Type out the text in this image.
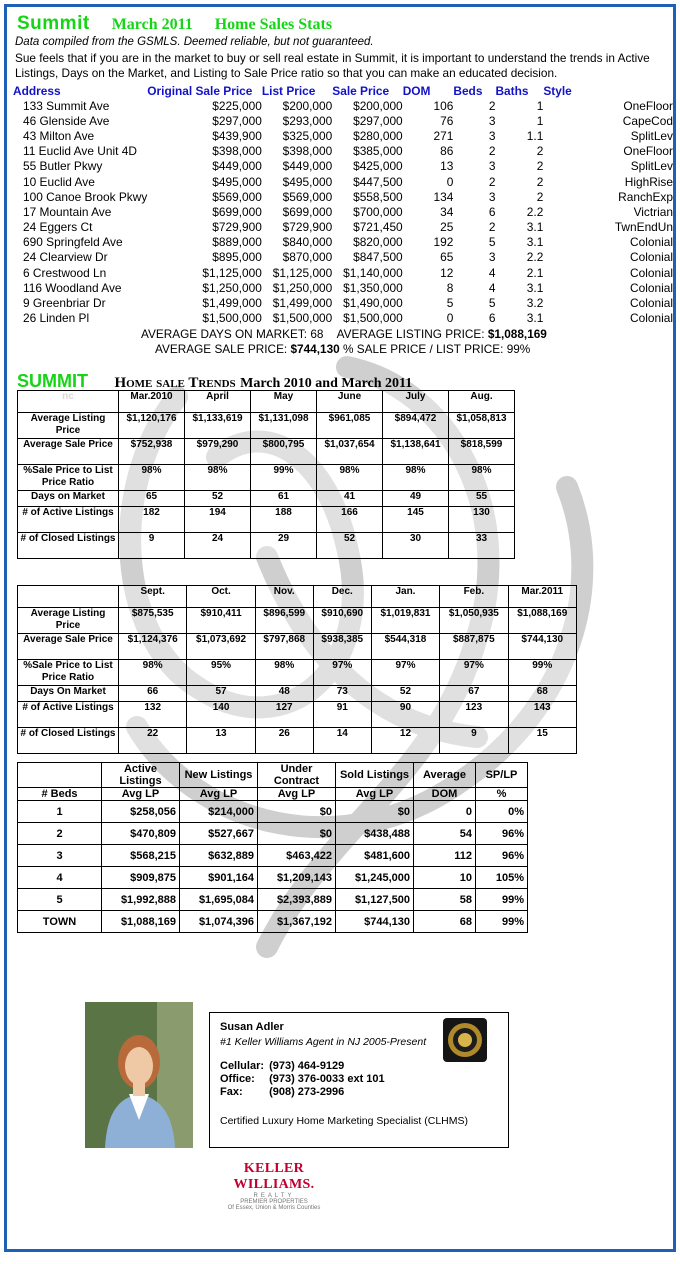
Summit March 2011 Home Sales Stats
Data compiled from the GSMLS. Deemed reliable, but not guaranteed.
Sue feels that if you are in the market to buy or sell real estate in Summit, it is important to understand the trends in Active Listings, Days on the Market, and Listing to Sale Price ratio so that you can make an educated decision.
Address	Original Sale Price	List Price	Sale Price	DOM	Beds	Baths	Style
133 Summit Ave	$225,000	$200,000	$200,000	106	2	1	OneFloor
46 Glenside Ave	$297,000	$293,000	$297,000	76	3	1	CapeCod
43 Milton Ave	$439,900	$325,000	$280,000	271	3	1.1	SplitLev
11 Euclid Ave Unit 4D	$398,000	$398,000	$385,000	86	2	2	OneFloor
55 Butler Pkwy	$449,000	$449,000	$425,000	13	3	2	SplitLev
10 Euclid Ave	$495,000	$495,000	$447,500	0	2	2	HighRise
100 Canoe Brook Pkwy	$569,000	$569,000	$558,500	134	3	2	RanchExp
17 Mountain Ave	$699,000	$699,000	$700,000	34	6	2.2	Victrian
24 Eggers Ct	$729,900	$729,900	$721,450	25	2	3.1	TwnEndUn
690 Springfeld Ave	$889,000	$840,000	$820,000	192	5	3.1	Colonial
24 Clearview Dr	$895,000	$870,000	$847,500	65	3	2.2	Colonial
6 Crestwood Ln	$1,125,000	$1,125,000	$1,140,000	12	4	2.1	Colonial
116 Woodland Ave	$1,250,000	$1,250,000	$1,350,000	8	4	3.1	Colonial
9 Greenbriar Dr	$1,499,000	$1,499,000	$1,490,000	5	5	3.2	Colonial
26 Linden Pl	$1,500,000	$1,500,000	$1,500,000	0	6	3.1	Colonial
AVERAGE DAYS ON MARKET: 68 AVERAGE LISTING PRICE: $1,088,169
AVERAGE SALE PRICE: $744,130 % SALE PRICE / LIST PRICE: 99%
SUMMIT Home sale Trends March 2010 and March 2011
nc	Mar.2010	April	May	June	July	Aug.
Average Listing Price	$1,120,176	$1,133,619	$1,131,098	$961,085	$894,472	$1,058,813
Average Sale Price	$752,938	$979,290	$800,795	$1,037,654	$1,138,641	$818,599
%Sale Price to List Price Ratio	98%	98%	99%	98%	98%	98%
Days on Market	65	52	61	41	49	55
# of Active Listings	182	194	188	166	145	130
# of Closed Listings	9	24	29	52	30	33
	Sept.	Oct.	Nov.	Dec.	Jan.	Feb.	Mar.2011
Average Listing Price	$875,535	$910,411	$896,599	$910,690	$1,019,831	$1,050,935	$1,088,169
Average Sale Price	$1,124,376	$1,073,692	$797,868	$938,385	$544,318	$887,875	$744,130
%Sale Price to List Price Ratio	98%	95%	98%	97%	97%	97%	99%
Days On Market	66	57	48	73	52	67	68
# of Active Listings	132	140	127	91	90	123	143
# of Closed Listings	22	13	26	14	12	9	15
	Active Listings	New Listings	Under Contract	Sold Listings	Average	SP/LP
# Beds	Avg LP	Avg LP	Avg LP	Avg LP	DOM	%
1	$258,056	$214,000	$0	$0	0	0%
2	$470,809	$527,667	$0	$438,488	54	96%
3	$568,215	$632,889	$463,422	$481,600	112	96%
4	$909,875	$901,164	$1,209,143	$1,245,000	10	105%
5	$1,992,888	$1,695,084	$2,393,889	$1,127,500	58	99%
TOWN	$1,088,169	$1,074,396	$1,367,192	$744,130	68	99%
Susan Adler
#1 Keller Williams Agent in NJ 2005-Present
Cellular: (973) 464-9129
Office: (973) 376-0033 ext 101
Fax: (908) 273-2996
Certified Luxury Home Marketing Specialist (CLHMS)
KELLER WILLIAMS.
REALTY
PREMIER PROPERTIES
Of Essex, Union & Morris Counties
